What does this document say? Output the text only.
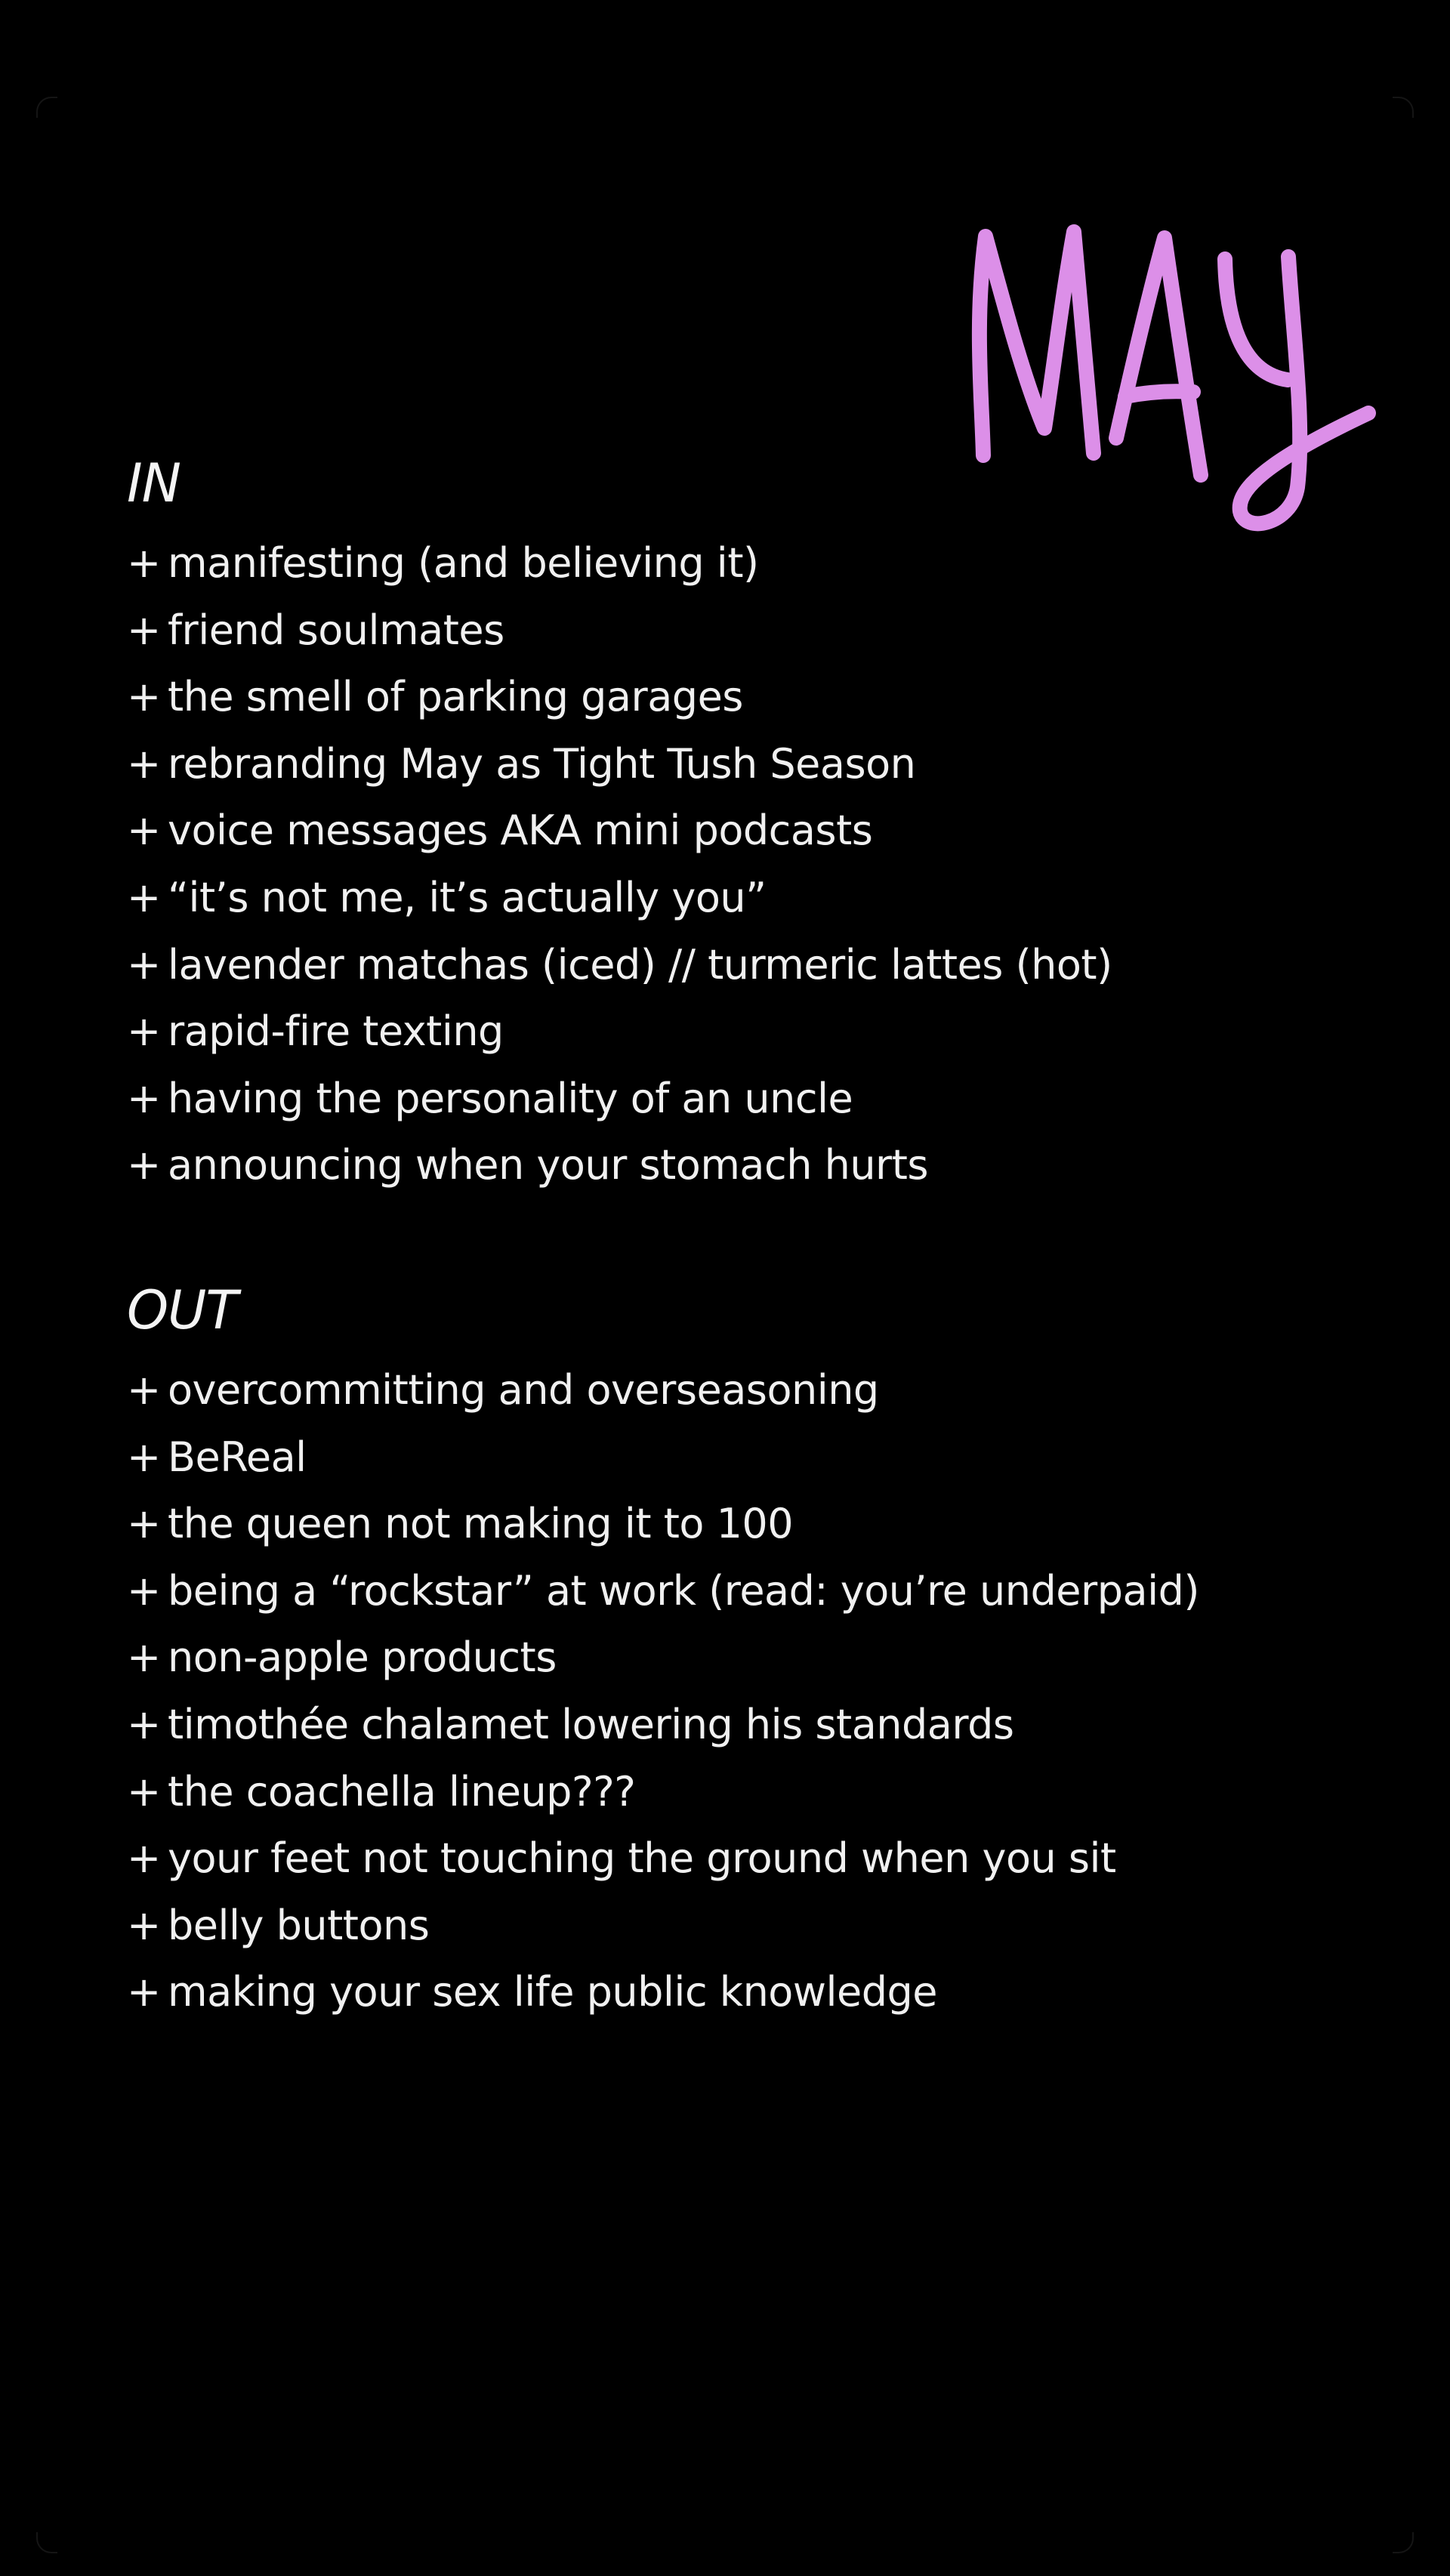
IN
+ manifesting (and believing it)
+ friend soulmates
+ the smell of parking garages
+ rebranding May as Tight Tush Season
+ voice messages AKA mini podcasts
+ “it’s not me, it’s actually you”
+ lavender matchas (iced) // turmeric lattes (hot)
+ rapid-fire texting
+ having the personality of an uncle
+ announcing when your stomach hurts
OUT
+ overcommitting and overseasoning
+ BeReal
+ the queen not making it to 100
+ being a “rockstar” at work (read: you’re underpaid)
+ non-apple products
+ timothée chalamet lowering his standards
+ the coachella lineup???
+ your feet not touching the ground when you sit
+ belly buttons
+ making your sex life public knowledge
